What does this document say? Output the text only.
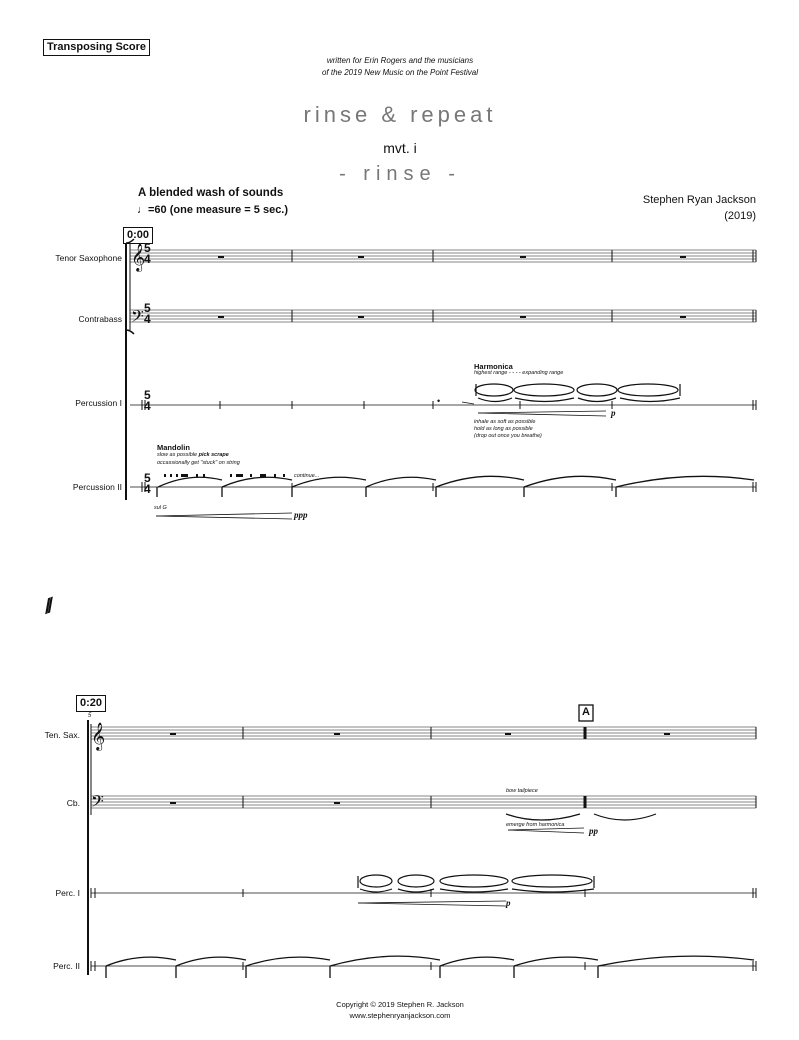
Transposing Score
written for Erin Rogers and the musicians
of the 2019 New Music on the Point Festival
rinse & repeat
mvt. i
- rinse -
A blended wash of sounds
♩=60 (one measure = 5 sec.)
Stephen Ryan Jackson
(2019)
0:00
Tenor Saxophone
Contrabass
Percussion I
Percussion II
•
𝄞
𝄢
𝄞
𝄢
5
4
5
4
5
4
5
4
Harmonica
highest range - - - - expanding range
p
inhale as soft as possible
hold as long as possible
(drop out once you breathe)
Mandolin
slow as possible pick scrape
occassionally get "stuck" on string
continue...
sul G
ppp
//
0:20
5	A
Ten. Sax.
Cb.
Perc. I
Perc. II
bow tailpiece
emerge from harmonica
pp
p
Copyright © 2019 Stephen R. Jackson
www.stephenryanjackson.com
